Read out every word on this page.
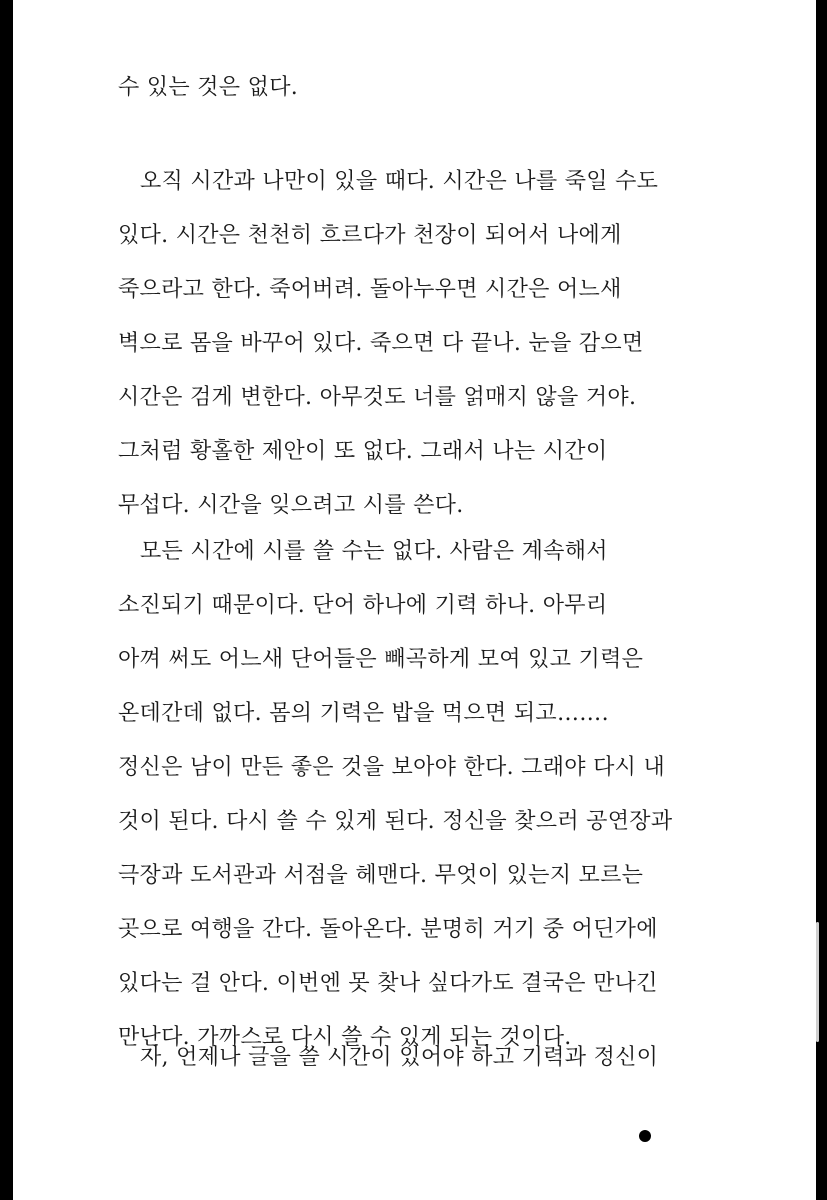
수 있는 것은 없다.
오직 시간과 나만이 있을 때다. 시간은 나를 죽일 수도
있다. 시간은 천천히 흐르다가 천장이 되어서 나에게
죽으라고 한다. 죽어버려. 돌아누우면 시간은 어느새
벽으로 몸을 바꾸어 있다. 죽으면 다 끝나. 눈을 감으면
시간은 검게 변한다. 아무것도 너를 얽매지 않을 거야.
그처럼 황홀한 제안이 또 없다. 그래서 나는 시간이
무섭다. 시간을 잊으려고 시를 쓴다.
모든 시간에 시를 쓸 수는 없다. 사람은 계속해서
소진되기 때문이다. 단어 하나에 기력 하나. 아무리
아껴 써도 어느새 단어들은 빼곡하게 모여 있고 기력은
온데간데 없다. 몸의 기력은 밥을 먹으면 되고…….
정신은 남이 만든 좋은 것을 보아야 한다. 그래야 다시 내
것이 된다. 다시 쓸 수 있게 된다. 정신을 찾으러 공연장과
극장과 도서관과 서점을 헤맨다. 무엇이 있는지 모르는
곳으로 여행을 간다. 돌아온다. 분명히 거기 중 어딘가에
있다는 걸 안다. 이번엔 못 찾나 싶다가도 결국은 만나긴
만난다. 가까스로 다시 쓸 수 있게 되는 것이다.
자, 언제나 글을 쓸 시간이 있어야 하고 기력과 정신이
